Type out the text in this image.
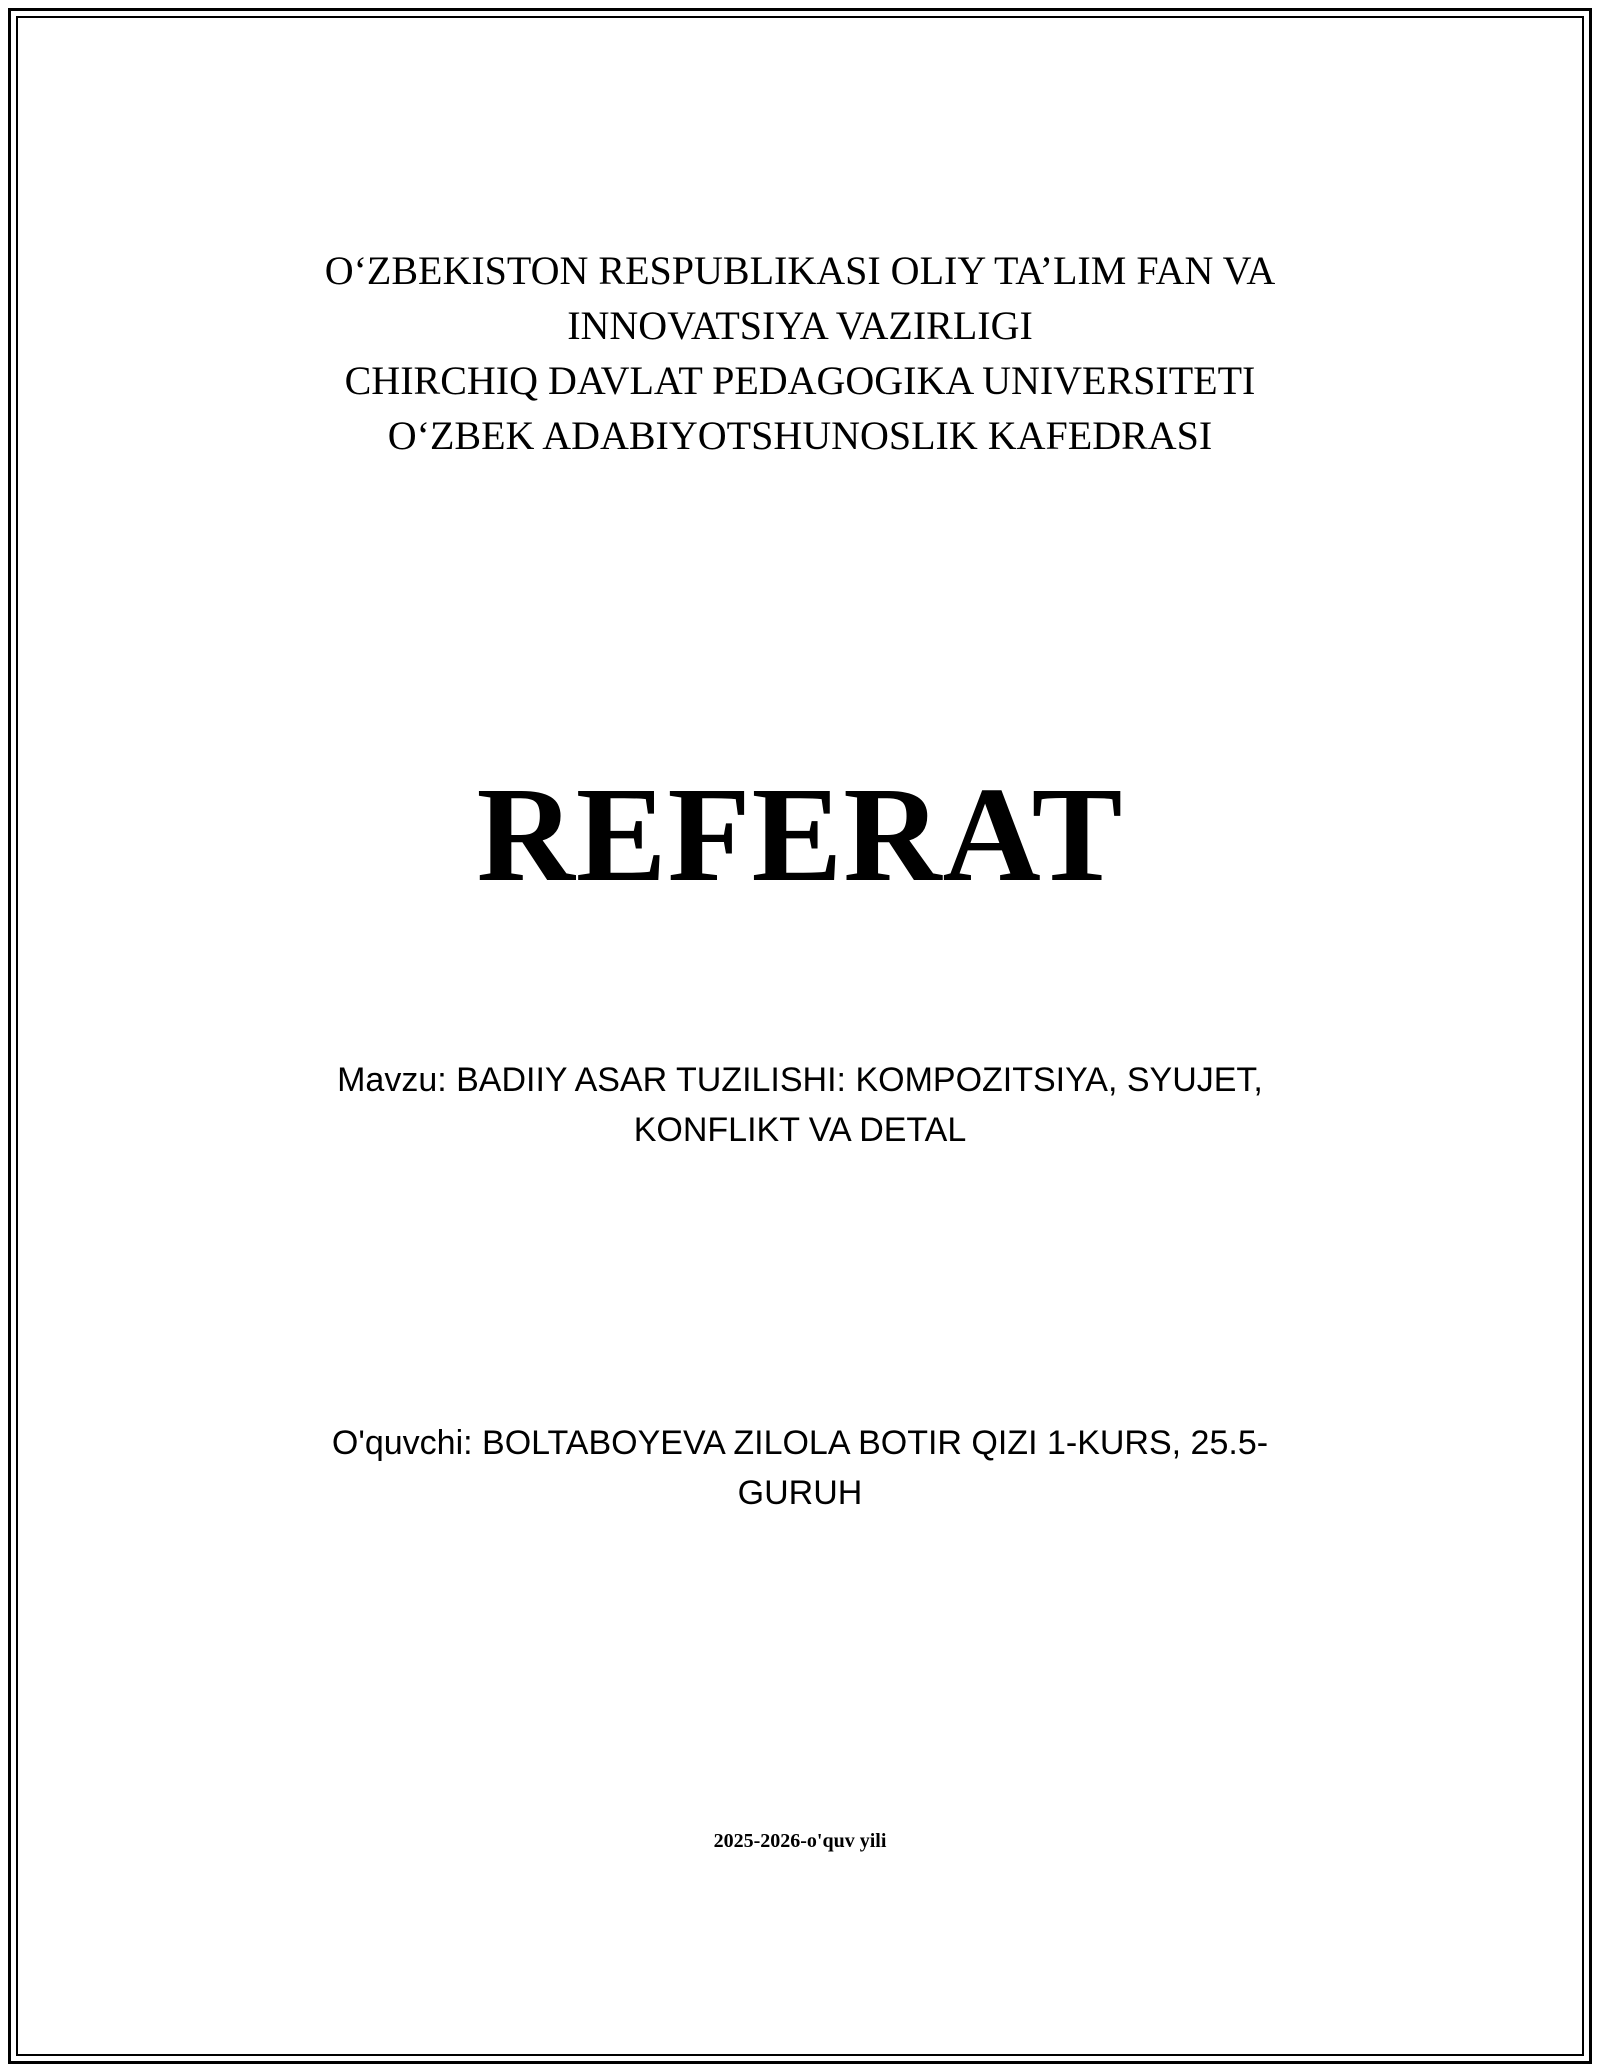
O‘ZBEKISTON RESPUBLIKASI OLIY TA’LIM FAN VA
INNOVATSIYA VAZIRLIGI
CHIRCHIQ DAVLAT PEDAGOGIKA UNIVERSITETI
O‘ZBEK ADABIYOTSHUNOSLIK KAFEDRASI
REFERAT
Mavzu: BADIIY ASAR TUZILISHI: KOMPOZITSIYA, SYUJET,
KONFLIKT VA DETAL
O'quvchi: BOLTABOYEVA ZILOLA BOTIR QIZI 1-KURS, 25.5-
GURUH
2025-2026-o'quv yili
